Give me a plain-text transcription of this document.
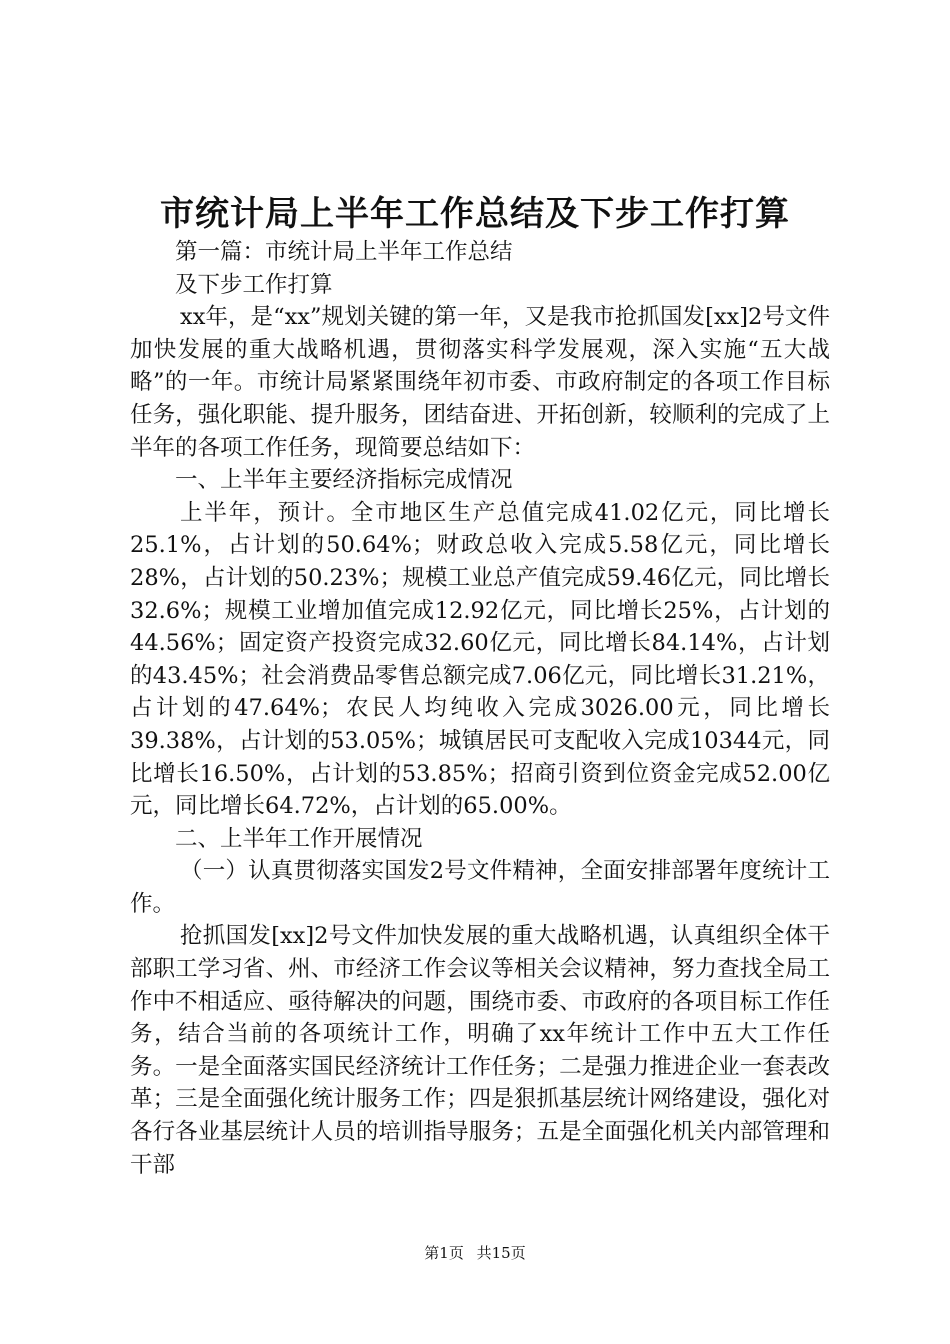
市统计局上半年工作总结及下步工作打算

第一篇：市统计局上半年工作总结

及下步工作打算

xx年，是“xx”规划关键的第一年，又是我市抢抓国发[xx]2号文件加快发展的重大战略机遇，贯彻落实科学发展观，深入实施“五大战略”的一年。市统计局紧紧围绕年初市委、市政府制定的各项工作目标任务，强化职能、提升服务，团结奋进、开拓创新，较顺利的完成了上半年的各项工作任务，现简要总结如下：

一、上半年主要经济指标完成情况

上半年，预计。全市地区生产总值完成41.02亿元，同比增长25.1%，占计划的50.64%；财政总收入完成5.58亿元，同比增长28%，占计划的50.23%；规模工业总产值完成59.46亿元，同比增长32.6%；规模工业增加值完成12.92亿元，同比增长25%，占计划的44.56%；固定资产投资完成32.60亿元，同比增长84.14%，占计划的43.45%；社会消费品零售总额完成7.06亿元，同比增长31.21%，占计划的47.64%；农民人均纯收入完成3026.00元，同比增长39.38%，占计划的53.05%；城镇居民可支配收入完成10344元，同比增长16.50%，占计划的53.85%；招商引资到位资金完成52.00亿元，同比增长64.72%，占计划的65.00%。

二、上半年工作开展情况

（一）认真贯彻落实国发2号文件精神，全面安排部署年度统计工作。

抢抓国发[xx]2号文件加快发展的重大战略机遇，认真组织全体干部职工学习省、州、市经济工作会议等相关会议精神，努力查找全局工作中不相适应、亟待解决的问题，围绕市委、市政府的各项目标工作任务，结合当前的各项统计工作，明确了xx年统计工作中五大工作任务。一是全面落实国民经济统计工作任务；二是强力推进企业一套表改革；三是全面强化统计服务工作；四是狠抓基层统计网络建设，强化对各行各业基层统计人员的培训指导服务；五是全面强化机关内部管理和干部

第1页 共15页
